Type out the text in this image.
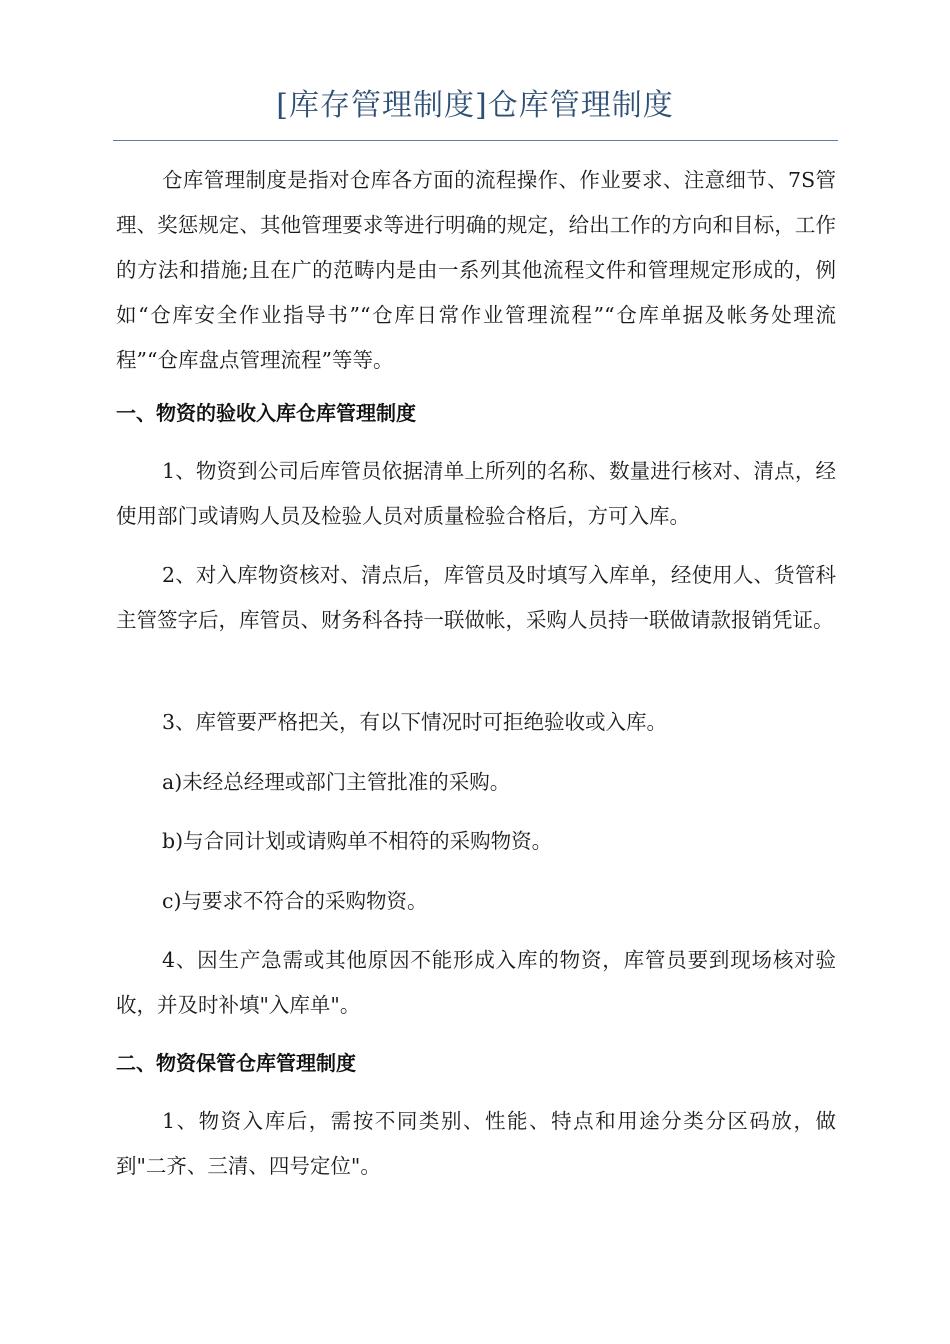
[库存管理制度]仓库管理制度

仓库管理制度是指对仓库各方面的流程操作、作业要求、注意细节、7S管理、奖惩规定、其他管理要求等进行明确的规定，给出工作的方向和目标，工作的方法和措施;且在广的范畴内是由一系列其他流程文件和管理规定形成的，例如“仓库安全作业指导书”“仓库日常作业管理流程”“仓库单据及帐务处理流程”“仓库盘点管理流程”等等。

一、物资的验收入库仓库管理制度

1、物资到公司后库管员依据清单上所列的名称、数量进行核对、清点，经使用部门或请购人员及检验人员对质量检验合格后，方可入库。

2、对入库物资核对、清点后，库管员及时填写入库单，经使用人、货管科主管签字后，库管员、财务科各持一联做帐，采购人员持一联做请款报销凭证。

3、库管要严格把关，有以下情况时可拒绝验收或入库。

a)未经总经理或部门主管批准的采购。

b)与合同计划或请购单不相符的采购物资。

c)与要求不符合的采购物资。

4、因生产急需或其他原因不能形成入库的物资，库管员要到现场核对验收，并及时补填"入库单"。

二、物资保管仓库管理制度

1、物资入库后，需按不同类别、性能、特点和用途分类分区码放，做到"二齐、三清、四号定位"。
